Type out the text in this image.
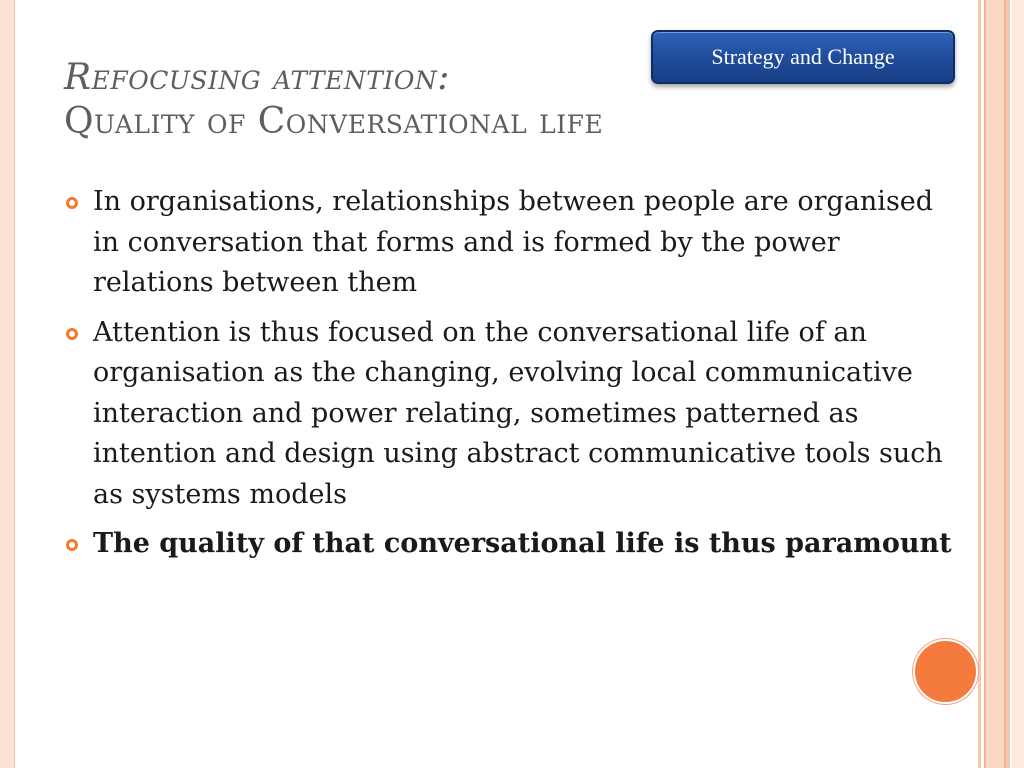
Strategy and Change
Refocusing attention:
Quality of Conversational life
In organisations, relationships between people are organised in conversation that forms and is formed by the power relations between them
Attention is thus focused on the conversational life of an organisation as the changing, evolving local communicative interaction and power relating, sometimes patterned as intention and design using abstract communicative tools such as systems models
The quality of that conversational life is thus paramount
